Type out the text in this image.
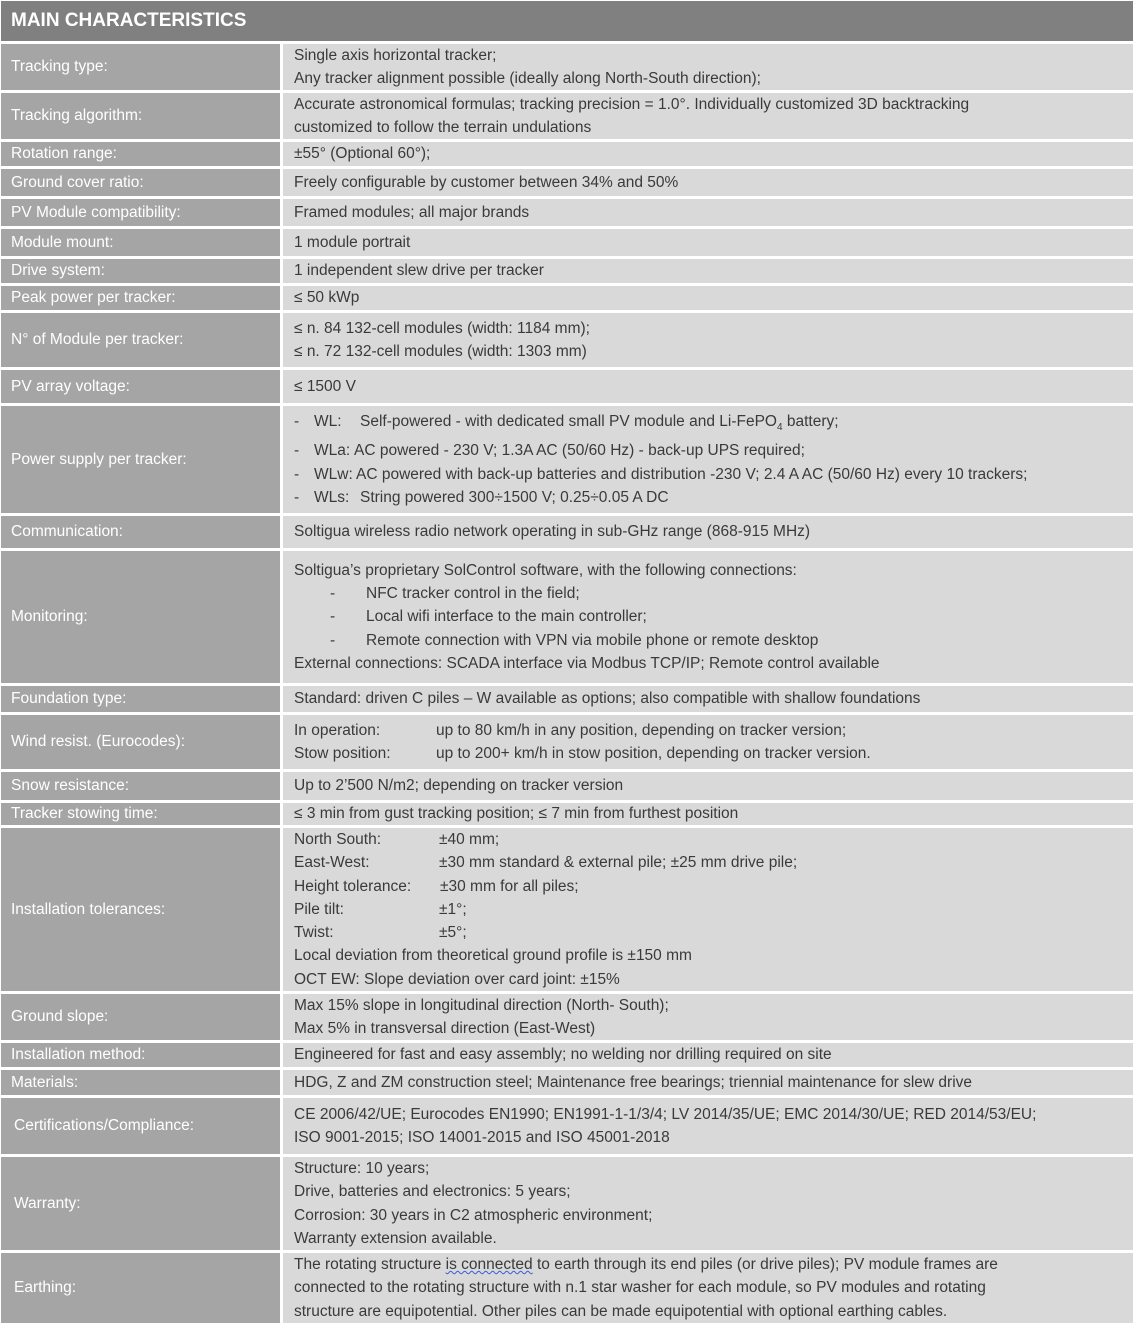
MAIN CHARACTERISTICS
Tracking type:
Single axis horizontal tracker;
Any tracker alignment possible (ideally along North-South direction);
Tracking algorithm:
Accurate astronomical formulas; tracking precision = 1.0°. Individually customized 3D backtracking
customized to follow the terrain undulations
Rotation range:	±55° (Optional 60°);
Ground cover ratio:	Freely configurable by customer between 34% and 50%
PV Module compatibility:	Framed modules; all major brands
Module mount:	1 module portrait
Drive system:	1 independent slew drive per tracker
Peak power per tracker:	≤ 50 kWp
N° of Module per tracker:
≤ n. 84 132-cell modules (width: 1184 mm);
≤ n. 72 132-cell modules (width: 1303 mm)
PV array voltage:	≤ 1500 V
Power supply per tracker:
- WL: Self-powered - with dedicated small PV module and Li-FePO$_4$ battery;
- WLa: AC powered - 230 V; 1.3A AC (50/60 Hz) - back-up UPS required;
- WLw: AC powered with back-up batteries and distribution -230 V; 2.4 A AC (50/60 Hz) every 10 trackers;
- WLs: String powered 300÷1500 V; 0.25÷0.05 A DC
Communication:	Soltigua wireless radio network operating in sub-GHz range (868-915 MHz)
Monitoring:
Soltigua’s proprietary SolControl software, with the following connections:
- NFC tracker control in the field;
- Local wifi interface to the main controller;
- Remote connection with VPN via mobile phone or remote desktop
External connections: SCADA interface via Modbus TCP/IP; Remote control available
Foundation type:	Standard: driven C piles – W available as options; also compatible with shallow foundations
Wind resist. (Eurocodes):
In operation:	up to 80 km/h in any position, depending on tracker version;
Stow position:	up to 200+ km/h in stow position, depending on tracker version.
Snow resistance:	Up to 2’500 N/m2; depending on tracker version
Tracker stowing time:	≤ 3 min from gust tracking position; ≤ 7 min from furthest position
Installation tolerances:
North South:	±40 mm;
East-West:	±30 mm standard & external pile; ±25 mm drive pile;
Height tolerance: ±30 mm for all piles;
Pile tilt:	±1°;
Twist:	±5°;
Local deviation from theoretical ground profile is ±150 mm
OCT EW: Slope deviation over card joint: ±15%
Ground slope:
Max 15% slope in longitudinal direction (North- South);
Max 5% in transversal direction (East-West)
Installation method:	Engineered for fast and easy assembly; no welding nor drilling required on site
Materials:	HDG, Z and ZM construction steel; Maintenance free bearings; triennial maintenance for slew drive
Certifications/Compliance:
CE 2006/42/UE; Eurocodes EN1990; EN1991-1-1/3/4; LV 2014/35/UE; EMC 2014/30/UE; RED 2014/53/EU;
ISO 9001-2015; ISO 14001-2015 and ISO 45001-2018
Warranty:
Structure: 10 years;
Drive, batteries and electronics: 5 years;
Corrosion: 30 years in C2 atmospheric environment;
Warranty extension available.
Earthing:
The rotating structure is connected to earth through its end piles (or drive piles); PV module frames are
connected to the rotating structure with n.1 star washer for each module, so PV modules and rotating
structure are equipotential. Other piles can be made equipotential with optional earthing cables.
